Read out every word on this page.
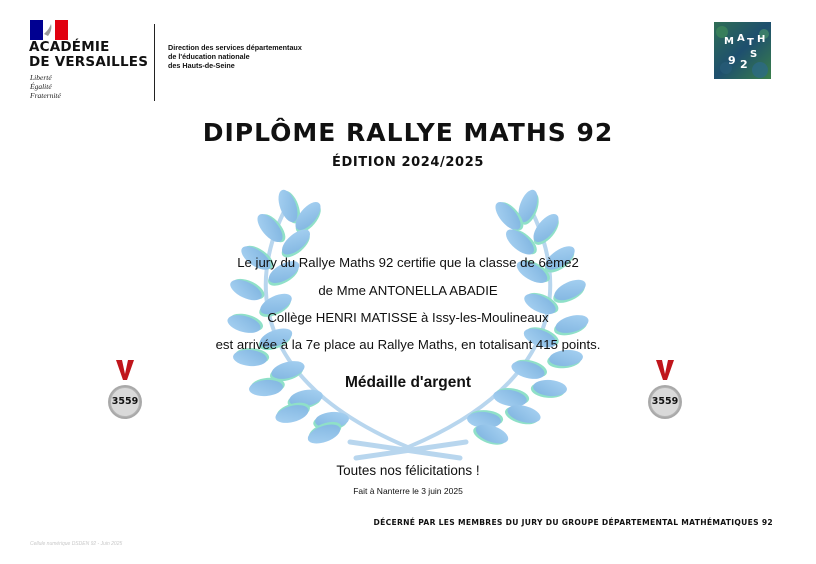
ACADÉMIE
DE VERSAILLES
Liberté
Égalité
Fraternité
Direction des services départementaux
de l'éducation nationale
des Hauts-de-Seine
M A T H
S
9 2
DIPLÔME RALLYE MATHS 92
ÉDITION 2024/2025
Le jury du Rallye Maths 92 certifie que la classe de 6ème2
de Mme ANTONELLA ABADIE
Collège HENRI MATISSE à Issy-les-Moulineaux
est arrivée à la 7e place au Rallye Maths, en totalisant 415 points.
Médaille d'argent
Toutes nos félicitations !
Fait à Nanterre le 3 juin 2025
3559	3559
DÉCERNÉ PAR LES MEMBRES DU JURY DU GROUPE DÉPARTEMENTAL MATHÉMATIQUES 92
Cellule numérique DSDEN 92 - Juin 2025
